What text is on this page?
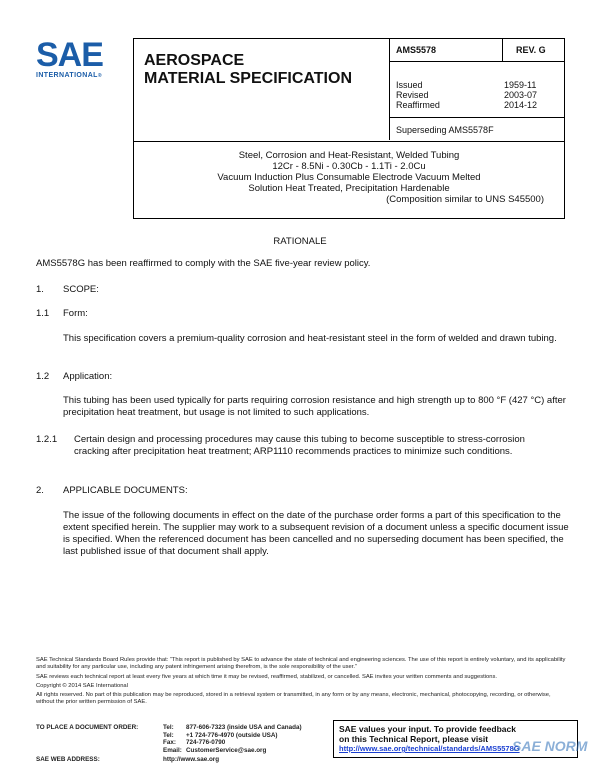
SAE
INTERNATIONAL®
AMS5578	REV. G
Issued	1959-11
Revised	2003-07
Reaffirmed	2014-12
Superseding AMS5578F
AEROSPACE
MATERIAL SPECIFICATION
Steel, Corrosion and Heat-Resistant, Welded Tubing
12Cr - 8.5Ni - 0.30Cb - 1.1Ti - 2.0Cu
Vacuum Induction Plus Consumable Electrode Vacuum Melted
Solution Heat Treated, Precipitation Hardenable
(Composition similar to UNS S45500)
RATIONALE
AMS5578G has been reaffirmed to comply with the SAE five-year review policy.
1. SCOPE:
1.1 Form:
This specification covers a premium-quality corrosion and heat-resistant steel in the form of welded and drawn tubing.
1.2 Application:
This tubing has been used typically for parts requiring corrosion resistance and high strength up to 800 °F (427 °C) after precipitation heat treatment, but usage is not limited to such applications.
1.2.1 Certain design and processing procedures may cause this tubing to become susceptible to stress-corrosion cracking after precipitation heat treatment; ARP1110 recommends practices to minimize such conditions.
2. APPLICABLE DOCUMENTS:
The issue of the following documents in effect on the date of the purchase order forms a part of this specification to the extent specified herein. The supplier may work to a subsequent revision of a document unless a specific document issue is specified. When the referenced document has been cancelled and no superseding document has been specified, the last published issue of that document shall apply.
SAE Technical Standards Board Rules provide that: “This report is published by SAE to advance the state of technical and engineering sciences. The use of this report is entirely voluntary, and its applicability and suitability for any particular use, including any patent infringement arising therefrom, is the sole responsibility of the user.”
SAE reviews each technical report at least every five years at which time it may be revised, reaffirmed, stabilized, or cancelled. SAE invites your written comments and suggestions.
Copyright © 2014 SAE International
All rights reserved. No part of this publication may be reproduced, stored in a retrieval system or transmitted, in any form or by any means, electronic, mechanical, photocopying, recording, or otherwise, without the prior written permission of SAE.
TO PLACE A DOCUMENT ORDER:	Tel:	877-606-7323 (inside USA and Canada)
Tel:	+1 724-776-4970 (outside USA)
Fax:	724-776-0790
Email: CustomerService@sae.org
SAE WEB ADDRESS:	http://www.sae.org
SAE values your input. To provide feedback
on this Technical Report, please visit
http://www.sae.org/technical/standards/AMS5578G
SAE NORM
